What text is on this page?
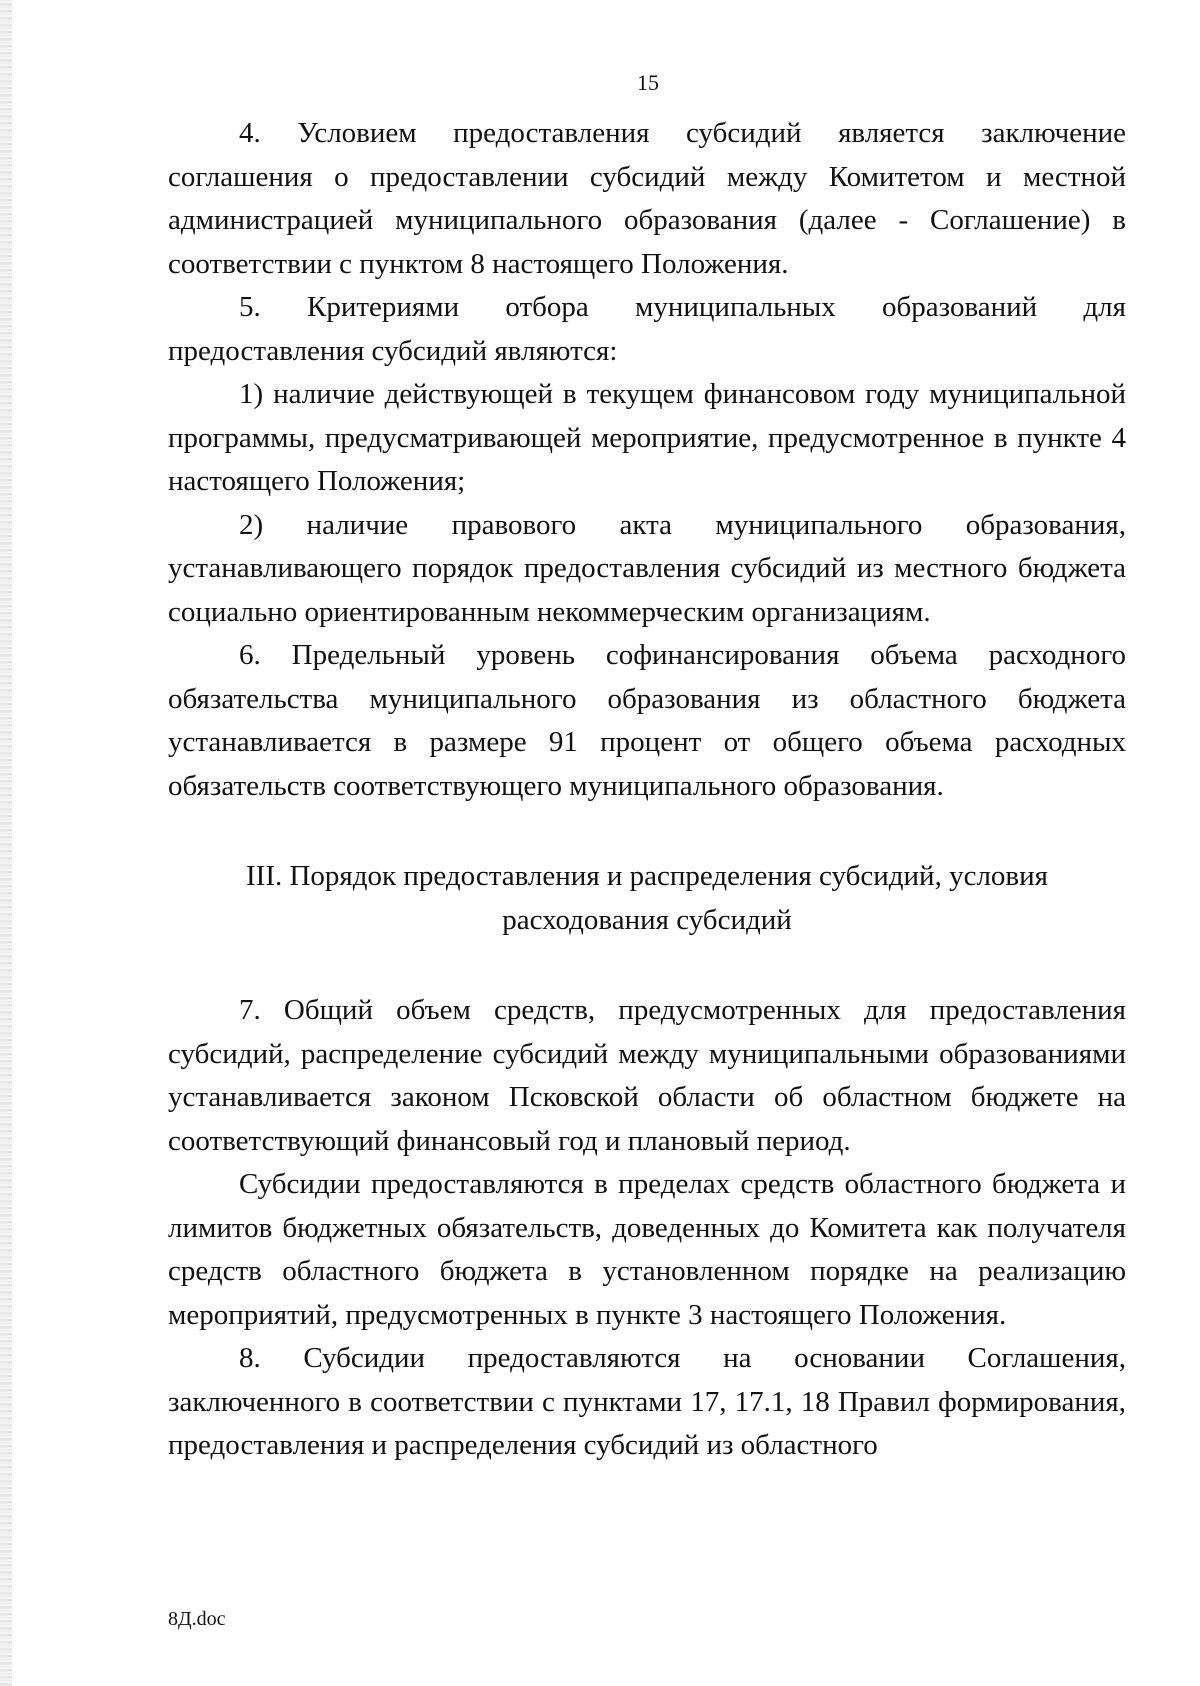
15

4. Условием предоставления субсидий является заключение соглашения о предоставлении субсидий между Комитетом и местной администрацией муниципального образования (далее - Соглашение) в соответствии с пунктом 8 настоящего Положения.

5. Критериями отбора муниципальных образований для предоставления субсидий являются:

1) наличие действующей в текущем финансовом году муниципальной программы, предусматривающей мероприятие, предусмотренное в пункте 4 настоящего Положения;

2) наличие правового акта муниципального образования, устанавливающего порядок предоставления субсидий из местного бюджета социально ориентированным некоммерческим организациям.

6. Предельный уровень софинансирования объема расходного обязательства муниципального образования из областного бюджета устанавливается в размере 91 процент от общего объема расходных обязательств соответствующего муниципального образования.

III. Порядок предоставления и распределения субсидий, условия
расходования субсидий

7. Общий объем средств, предусмотренных для предоставления субсидий, распределение субсидий между муниципальными образованиями устанавливается законом Псковской области об областном бюджете на соответствующий финансовый год и плановый период.

Субсидии предоставляются в пределах средств областного бюджета и лимитов бюджетных обязательств, доведенных до Комитета как получателя средств областного бюджета в установленном порядке на реализацию мероприятий, предусмотренных в пункте 3 настоящего Положения.

8. Субсидии предоставляются на основании Соглашения, заключенного в соответствии с пунктами 17, 17.1, 18 Правил формирования, предоставления и распределения субсидий из областного

8Д.doc
